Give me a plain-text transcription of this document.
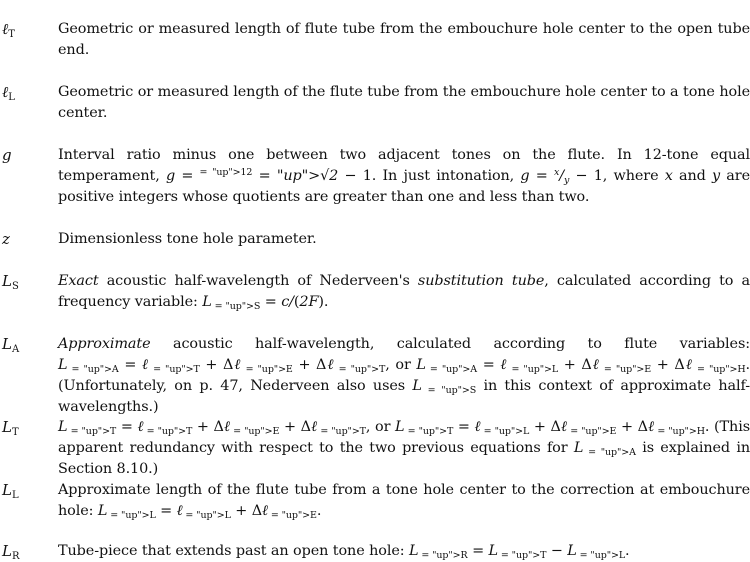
ℓ$_T$	Geometric or measured length of flute tube from the embouchure hole center to the open tube end.
ℓ$_L$	Geometric or measured length of the flute tube from the embouchure hole center to a tone hole center.
g	Interval ratio minus one between two adjacent tones on the flute. In 12-tone equal temperament, g = $^{= "up">12}$ = "up">√2 − 1. In just intonation, $g = ^x/_y - 1$, where x and y are positive integers whose quotients are greater than one and less than two.
z	Dimensionless tone hole parameter.
$L_S$	Exact acoustic half-wavelength of Nederveen's substitution tube, calculated according to a frequency variable: L $_{= "up">S}$ = c/(2F).
$L_A$	Approximate acoustic half-wavelength, calculated according to flute variables: L $_{= "up">A}$ = ℓ $_{= "up">T}$ + Δℓ $_{= "up">E}$ + Δℓ $_{= "up">T}$, or L $_{= "up">A}$ = ℓ $_{= "up">L}$ + Δℓ $_{= "up">E}$ + Δℓ $_{= "up">H}$. (Unfortunately, on p. 47, Nederveen also uses L $_{= "up">S}$ in this context of approximate half-wavelengths.)
$L_T$	L $_{= "up">T}$ = ℓ $_{= "up">T}$ + Δℓ $_{= "up">E}$ + Δℓ $_{= "up">T}$, or L $_{= "up">T}$ = ℓ $_{= "up">L}$ + Δℓ $_{= "up">E}$ + Δℓ $_{= "up">H}$. (This apparent redundancy with respect to the two previous equations for L $_{= "up">A}$ is explained in Section 8.10.)
$L_L$	Approximate length of the flute tube from a tone hole center to the correction at embouchure hole: L $_{= "up">L}$ = ℓ $_{= "up">L}$ + Δℓ $_{= "up">E}$.
$L_R$	Tube-piece that extends past an open tone hole: L $_{= "up">R}$ = L $_{= "up">T}$ − L $_{= "up">L}$.
